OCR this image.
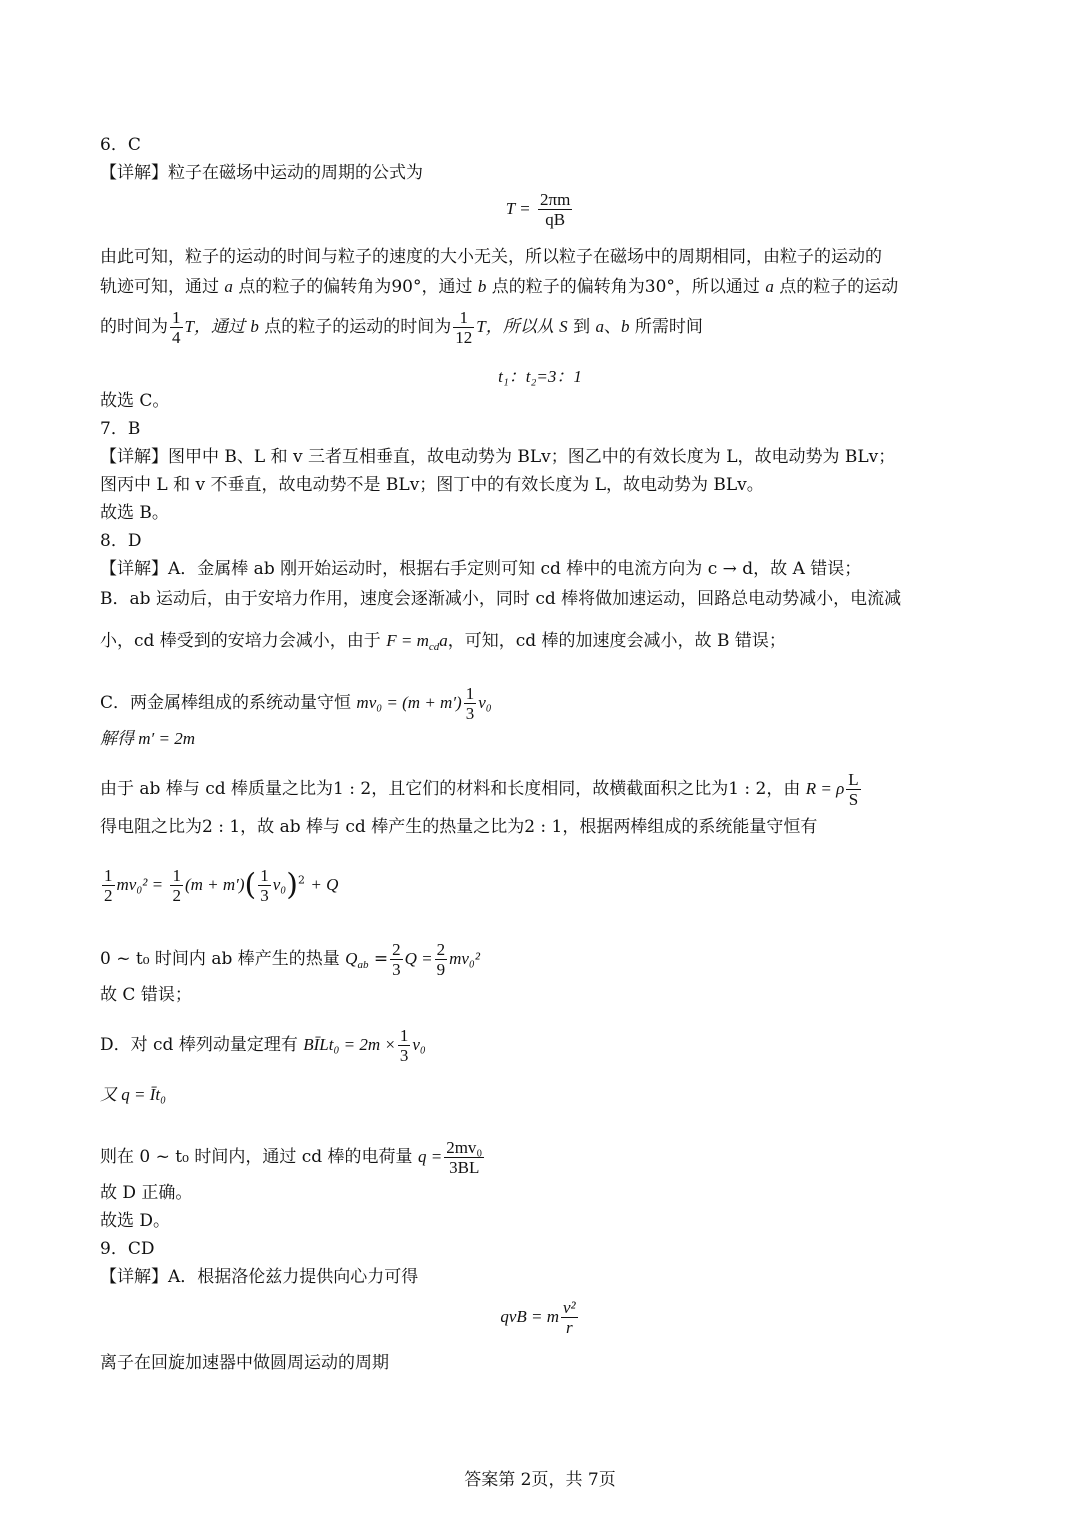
6．C
【详解】粒子在磁场中运动的周期的公式为
$T = \frac{2\pi m}{qB}$
由此可知，粒子的运动的时间与粒子的速度的大小无关，所以粒子在磁场中的周期相同，由粒子的运动的
轨迹可知，通过 a 点的粒子的偏转角为90°，通过 b 点的粒子的偏转角为30°，所以通过 a 点的粒子的运动
的时间为 $\frac{1}{4}$ T，通过 b 点的粒子的运动的时间为 $\frac{1}{12}$ T，所以从 S 到 a、b 所需时间
t₁：t₂=3：1
故选 C。
7．B
【详解】图甲中 B、L 和 v 三者互相垂直，故电动势为 BLv；图乙中的有效长度为 L，故电动势为 BLv；
图丙中 L 和 v 不垂直，故电动势不是 BLv；图丁中的有效长度为 L，故电动势为 BLv。
故选 B。
8．D
【详解】A．金属棒 ab 刚开始运动时，根据右手定则可知 cd 棒中的电流方向为 c → d，故 A 错误；
B．ab 运动后，由于安培力作用，速度会逐渐减小，同时 cd 棒将做加速运动，回路总电动势减小，电流减
小，cd 棒受到的安培力会减小，由于 $F = m_{cd}a$，可知，cd 棒的加速度会减小，故 B 错误；
C．两金属棒组成的系统动量守恒 $mv_0 = (m + m') \frac{1}{3} v_0$
解得 m′ = 2m
由于 ab 棒与 cd 棒质量之比为1 : 2，且它们的材料和长度相同，故横截面积之比为1 : 2，由 R = ρ $\frac{L}{S}$
得电阻之比为2 : 1，故 ab 棒与 cd 棒产生的热量之比为2 : 1，根据两棒组成的系统能量守恒有
$\frac{1}{2} mv_0^2 = \frac{1}{2} (m + m')( \frac{1}{3} v_0)^2 + Q$
0 ~ t₀ 时间内 ab 棒产生的热量 $Q_{ab} = \frac{2}{3}$ $Q = \frac{2}{9} mv_0^2$
故 C 错误；
D．对 cd 棒列动量定理有 BĪLt₀ = $2m \times \frac{1}{3} v_0$
又 q = Īt₀
则在 0 ~ t₀ 时间内，通过 cd 棒的电荷量 $q = \frac{\text{2mv₀}}{3BL}$
故 D 正确。
故选 D。
9．CD
【详解】A．根据洛伦兹力提供向心力可得
qvB = m $\frac{\text{v²}}{r}$
离子在回旋加速器中做圆周运动的周期
答案第 2页，共 7页
